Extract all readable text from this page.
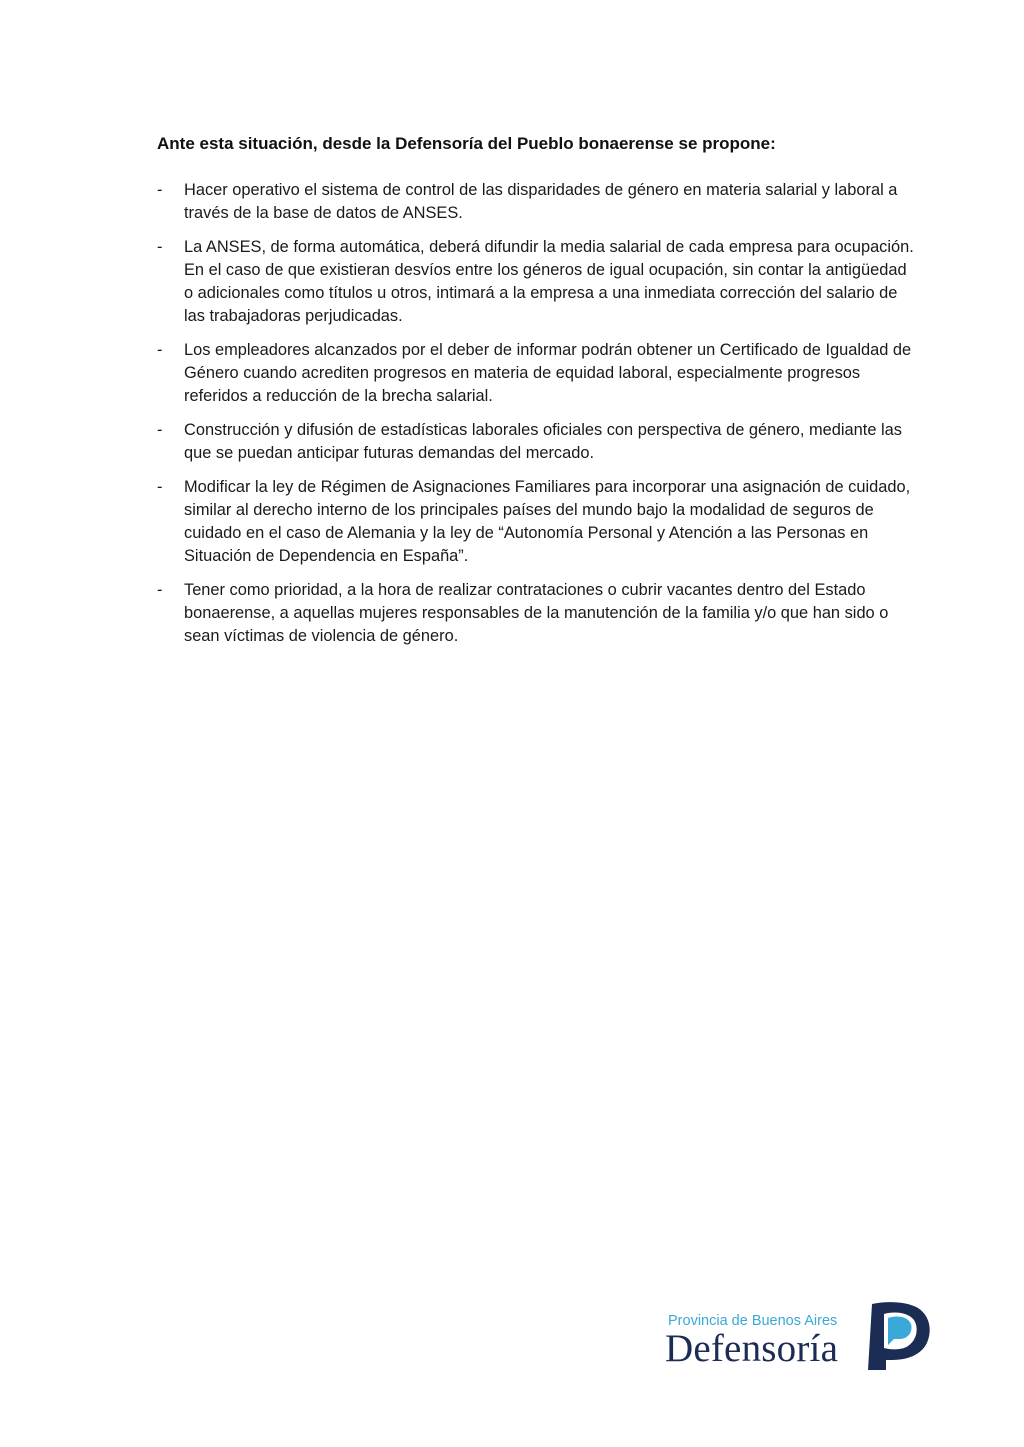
Ante esta situación, desde la Defensoría del Pueblo bonaerense se propone:
- Hacer operativo el sistema de control de las disparidades de género en materia salarial y laboral a través de la base de datos de ANSES.
- La ANSES, de forma automática, deberá difundir la media salarial de cada empresa para ocupación. En el caso de que existieran desvíos entre los géneros de igual ocupación, sin contar la antigüedad o adicionales como títulos u otros, intimará a la empresa a una inmediata corrección del salario de las trabajadoras perjudicadas.
- Los empleadores alcanzados por el deber de informar podrán obtener un Certificado de Igualdad de Género cuando acrediten progresos en materia de equidad laboral, especialmente progresos referidos a reducción de la brecha salarial.
- Construcción y difusión de estadísticas laborales oficiales con perspectiva de género, mediante las que se puedan anticipar futuras demandas del mercado.
- Modificar la ley de Régimen de Asignaciones Familiares para incorporar una asignación de cuidado, similar al derecho interno de los principales países del mundo bajo la modalidad de seguros de cuidado en el caso de Alemania y la ley de “Autonomía Personal y Atención a las Personas en Situación de Dependencia en España”.
- Tener como prioridad, a la hora de realizar contrataciones o cubrir vacantes dentro del Estado bonaerense, a aquellas mujeres responsables de la manutención de la familia y/o que han sido o sean víctimas de violencia de género.
Provincia de Buenos Aires
Defensoría
